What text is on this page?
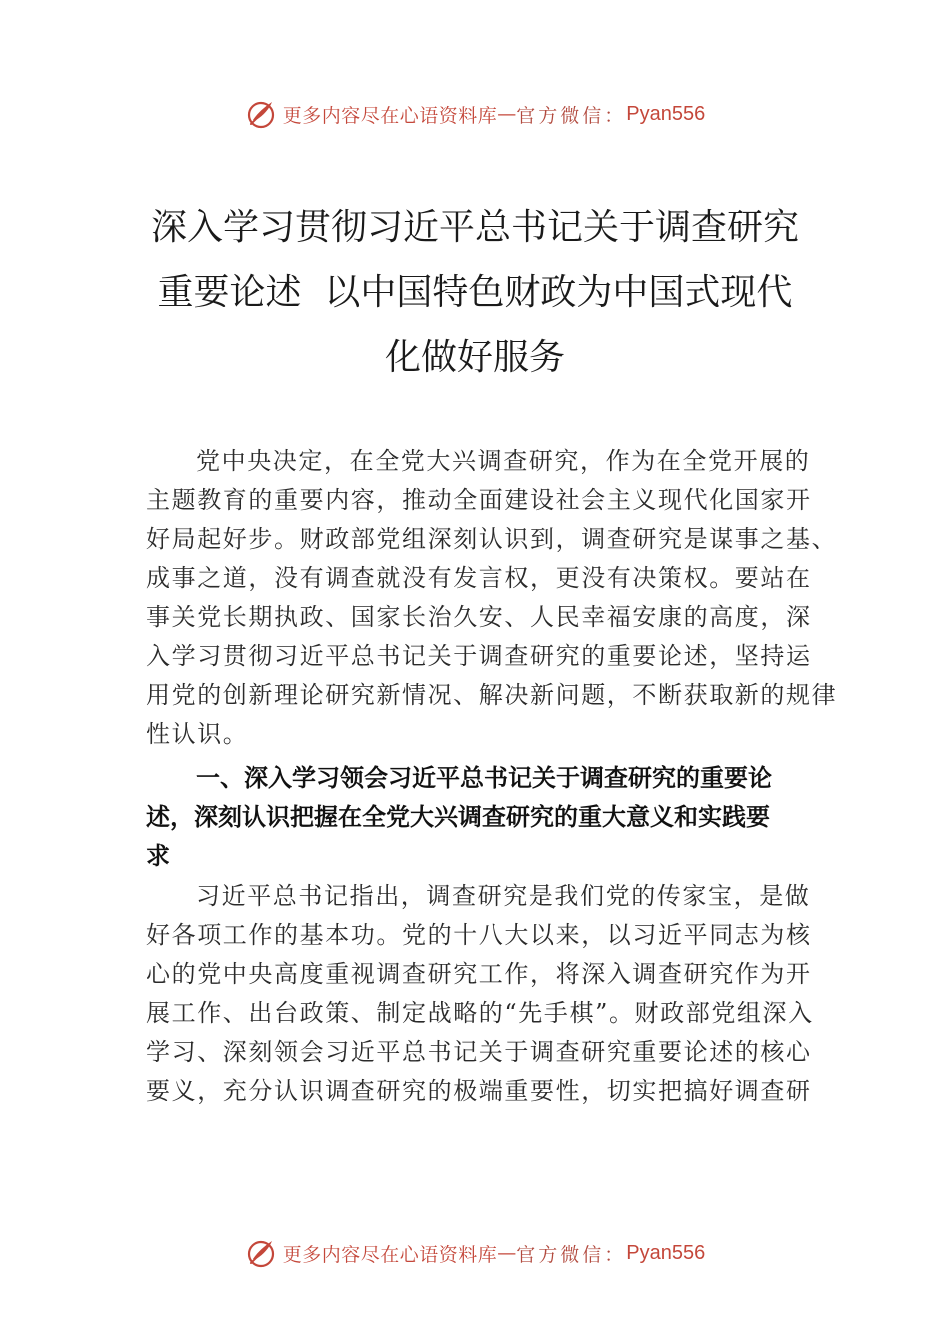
更多内容尽在心语资料库 — 官方微信： Pyan556
深入学习贯彻习近平总书记关于调查研究
重要论述  以中国特色财政为中国式现代
化做好服务
党中央决定，在全党大兴调查研究，作为在全党开展的
主题教育的重要内容，推动全面建设社会主义现代化国家开
好局起好步。财政部党组深刻认识到，调查研究是谋事之基、
成事之道，没有调查就没有发言权，更没有决策权。要站在
事关党长期执政、国家长治久安、人民幸福安康的高度，深
入学习贯彻习近平总书记关于调查研究的重要论述，坚持运
用党的创新理论研究新情况、解决新问题，不断获取新的规律
性认识。
一、深入学习领会习近平总书记关于调查研究的重要论
述，深刻认识把握在全党大兴调查研究的重大意义和实践要
求
习近平总书记指出，调查研究是我们党的传家宝，是做
好各项工作的基本功。党的十八大以来，以习近平同志为核
心的党中央高度重视调查研究工作，将深入调查研究作为开
展工作、出台政策、制定战略的“先手棋”。财政部党组深入
学习、深刻领会习近平总书记关于调查研究重要论述的核心
要义，充分认识调查研究的极端重要性，切实把搞好调查研
更多内容尽在心语资料库 — 官方微信： Pyan556
